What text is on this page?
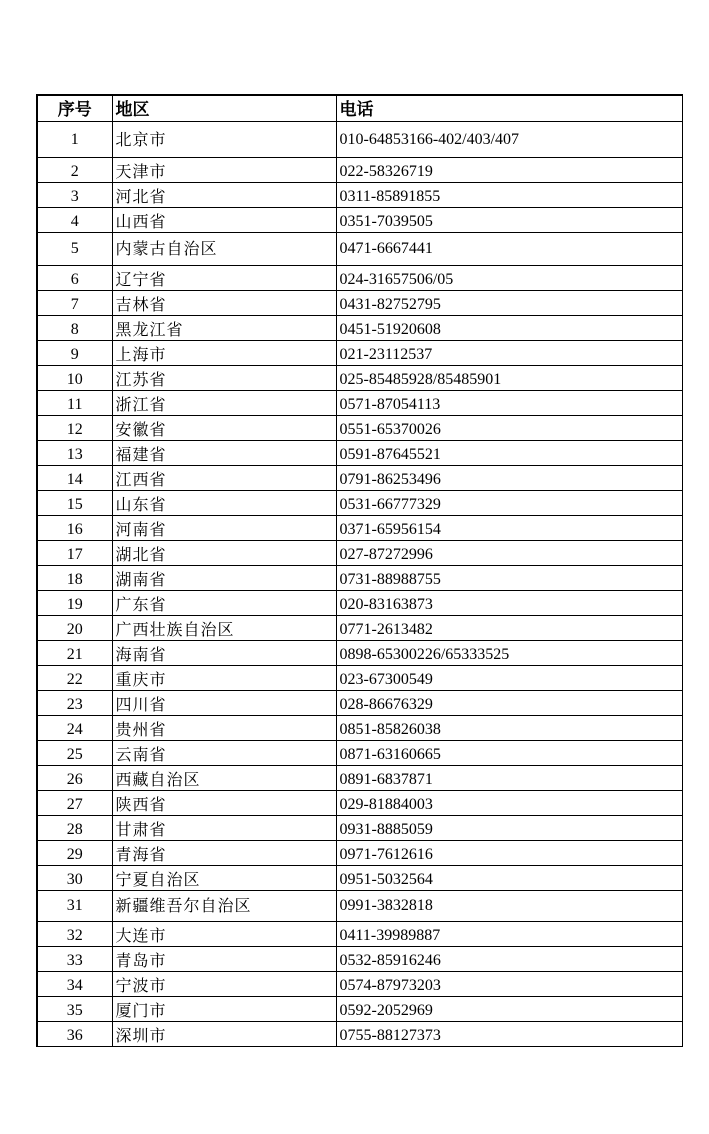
序号	地区	电话
1	北京市	010-64853166-402/403/407
2	天津市	022-58326719
3	河北省	0311-85891855
4	山西省	0351-7039505
5	内蒙古自治区	0471-6667441
6	辽宁省	024-31657506/05
7	吉林省	0431-82752795
8	黑龙江省	0451-51920608
9	上海市	021-23112537
10	江苏省	025-85485928/85485901
11	浙江省	0571-87054113
12	安徽省	0551-65370026
13	福建省	0591-87645521
14	江西省	0791-86253496
15	山东省	0531-66777329
16	河南省	0371-65956154
17	湖北省	027-87272996
18	湖南省	0731-88988755
19	广东省	020-83163873
20	广西壮族自治区	0771-2613482
21	海南省	0898-65300226/65333525
22	重庆市	023-67300549
23	四川省	028-86676329
24	贵州省	0851-85826038
25	云南省	0871-63160665
26	西藏自治区	0891-6837871
27	陕西省	029-81884003
28	甘肃省	0931-8885059
29	青海省	0971-7612616
30	宁夏自治区	0951-5032564
31	新疆维吾尔自治区	0991-3832818
32	大连市	0411-39989887
33	青岛市	0532-85916246
34	宁波市	0574-87973203
35	厦门市	0592-2052969
36	深圳市	0755-88127373
